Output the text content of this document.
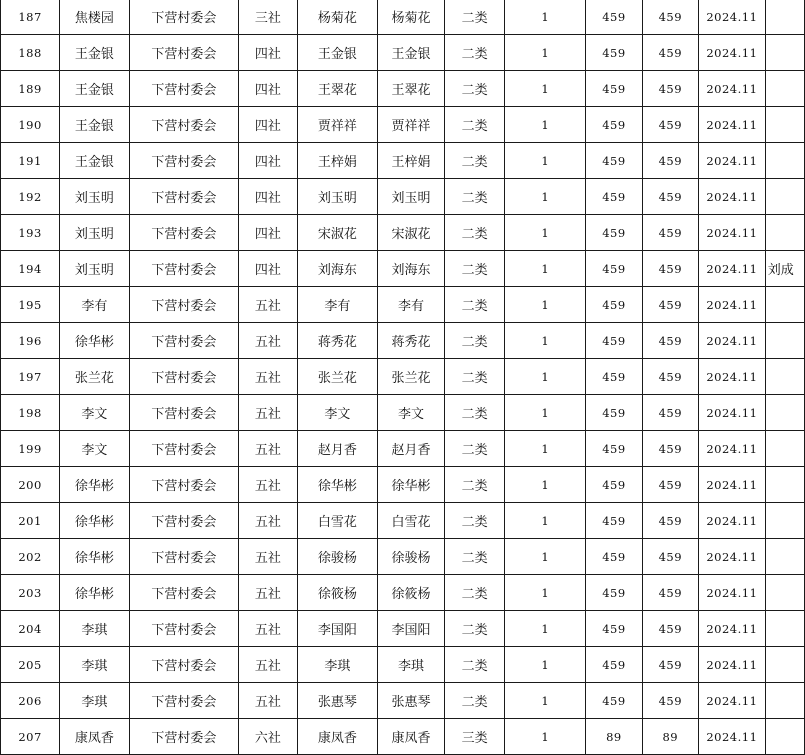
187	焦楼园	下营村委会	三社	杨菊花	杨菊花	二类	1	459	459	2024.11	
188	王金银	下营村委会	四社	王金银	王金银	二类	1	459	459	2024.11	
189	王金银	下营村委会	四社	王翠花	王翠花	二类	1	459	459	2024.11	
190	王金银	下营村委会	四社	贾祥祥	贾祥祥	二类	1	459	459	2024.11	
191	王金银	下营村委会	四社	王梓娟	王梓娟	二类	1	459	459	2024.11	
192	刘玉明	下营村委会	四社	刘玉明	刘玉明	二类	1	459	459	2024.11	
193	刘玉明	下营村委会	四社	宋淑花	宋淑花	二类	1	459	459	2024.11	
194	刘玉明	下营村委会	四社	刘海东	刘海东	二类	1	459	459	2024.11	刘成
195	李有	下营村委会	五社	李有	李有	二类	1	459	459	2024.11	
196	徐华彬	下营村委会	五社	蒋秀花	蒋秀花	二类	1	459	459	2024.11	
197	张兰花	下营村委会	五社	张兰花	张兰花	二类	1	459	459	2024.11	
198	李文	下营村委会	五社	李文	李文	二类	1	459	459	2024.11	
199	李文	下营村委会	五社	赵月香	赵月香	二类	1	459	459	2024.11	
200	徐华彬	下营村委会	五社	徐华彬	徐华彬	二类	1	459	459	2024.11	
201	徐华彬	下营村委会	五社	白雪花	白雪花	二类	1	459	459	2024.11	
202	徐华彬	下营村委会	五社	徐骏杨	徐骏杨	二类	1	459	459	2024.11	
203	徐华彬	下营村委会	五社	徐筱杨	徐筱杨	二类	1	459	459	2024.11	
204	李琪	下营村委会	五社	李国阳	李国阳	二类	1	459	459	2024.11	
205	李琪	下营村委会	五社	李琪	李琪	二类	1	459	459	2024.11	
206	李琪	下营村委会	五社	张惠琴	张惠琴	二类	1	459	459	2024.11	
207	康凤香	下营村委会	六社	康凤香	康凤香	三类	1	89	89	2024.11	
